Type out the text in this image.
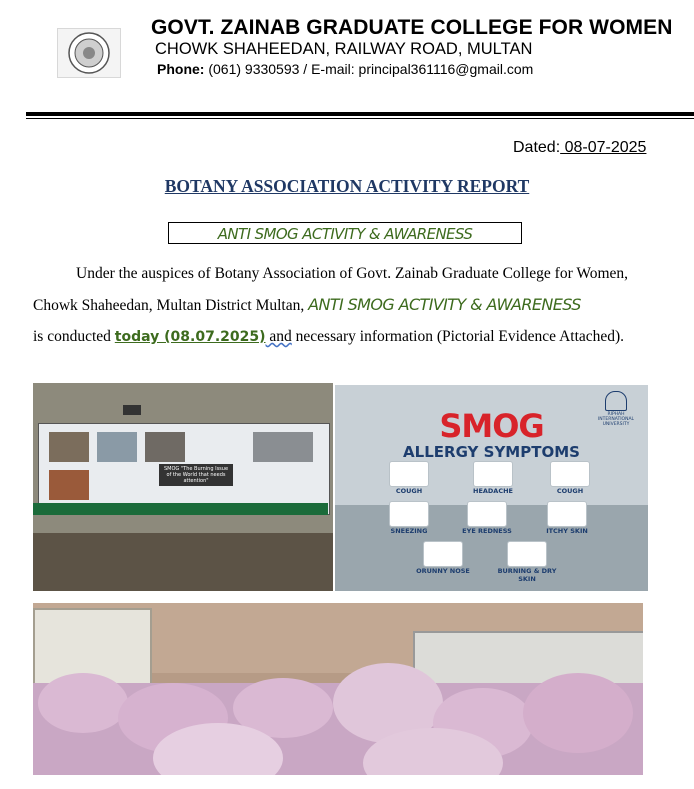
GOVT. ZAINAB GRADUATE COLLEGE FOR WOMEN
CHOWK SHAHEEDAN, RAILWAY ROAD, MULTAN
Phone: (061) 9330593 / E-mail: principal361116@gmail.com
Dated: 08-07-2025
BOTANY ASSOCIATION ACTIVITY REPORT
ANTI SMOG ACTIVITY & AWARENESS
Under the auspices of Botany Association of Govt. Zainab Graduate College for Women,
Chowk Shaheedan, Multan District Multan, ANTI SMOG ACTIVITY & AWARENESS
is conducted today (08.07.2025) and necessary information (Pictorial Evidence Attached).
SMOG "The Burning Issue of the World that needs attention"
RIPHAH INTERNATIONAL UNIVERSITY
SMOG
ALLERGY SYMPTOMS
COUGH	HEADACHE	COUGH
SNEEZING	EYE REDNESS	ITCHY SKIN
ORUNNY NOSE	BURNING & DRY SKIN
